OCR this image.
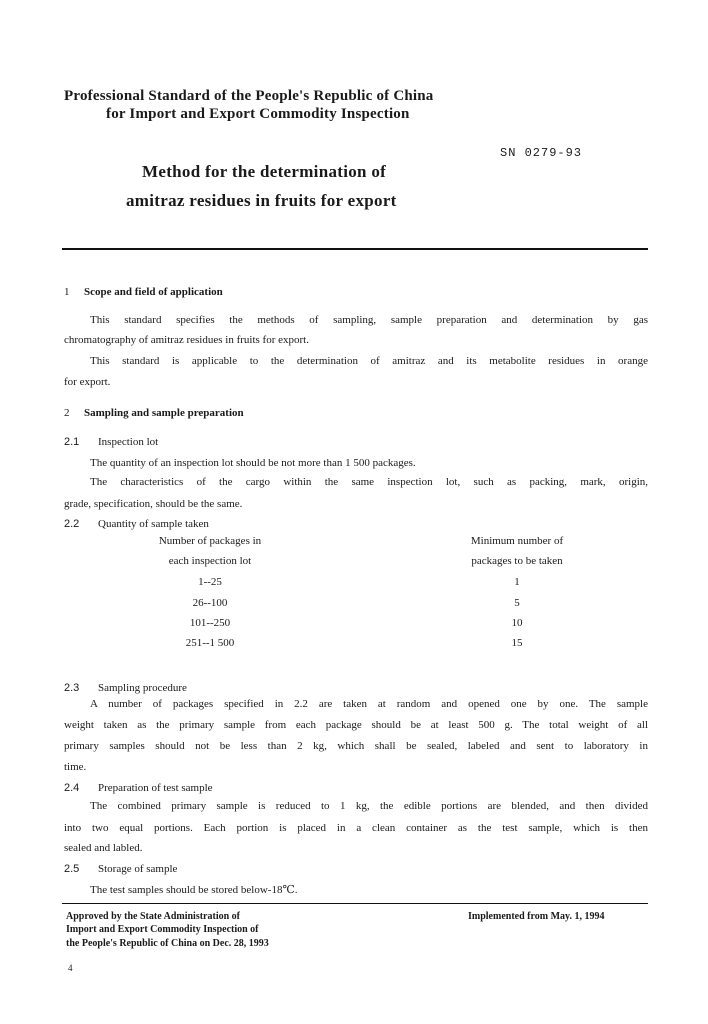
Professional Standard of the People's Republic of China
for Import and Export Commodity Inspection
SN 0279-93
Method for the determination of
amitraz residues in fruits for export
1 Scope and field of application
This standard specifies the methods of sampling, sample preparation and determination by gas
chromatography of amitraz residues in fruits for export.
This standard is applicable to the determination of amitraz and its metabolite residues in orange
for export.
2 Sampling and sample preparation
2.1 Inspection lot
The quantity of an inspection lot should be not more than 1 500 packages.
The characteristics of the cargo within the same inspection lot, such as packing, mark, origin,
grade, specification, should be the same.
2.2 Quantity of sample taken
Number of packages in
each inspection lot
Minimum number of
packages to be taken
1--25	1
26--100	5
101--250	10
251--1 500	15
2.3 Sampling procedure
A number of packages specified in 2.2 are taken at random and opened one by one. The sample
weight taken as the primary sample from each package should be at least 500 g. The total weight of all
primary samples should not be less than 2 kg, which shall be sealed, labeled and sent to laboratory in
time.
2.4 Preparation of test sample
The combined primary sample is reduced to 1 kg, the edible portions are blended, and then divided
into two equal portions. Each portion is placed in a clean container as the test sample, which is then
sealed and labled.
2.5 Storage of sample
The test samples should be stored below-18℃.
Approved by the State Administration of
Import and Export Commodity Inspection of
the People's Republic of China on Dec. 28, 1993
Implemented from May. 1, 1994
4
